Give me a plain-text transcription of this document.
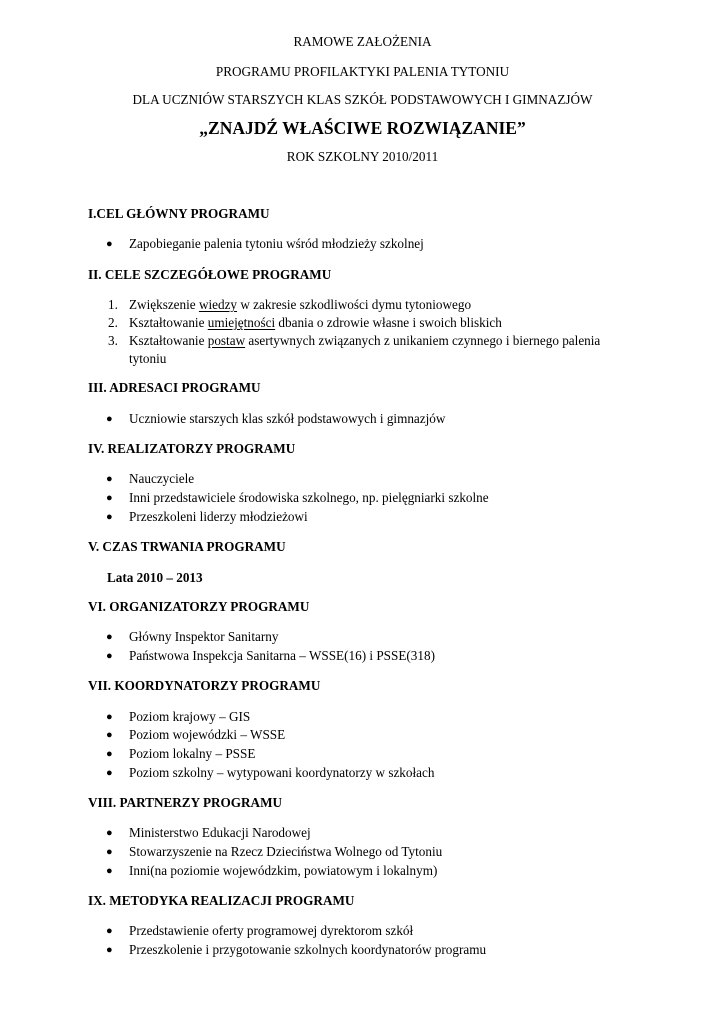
RAMOWE ZAŁOŻENIA
PROGRAMU PROFILAKTYKI PALENIA TYTONIU
DLA UCZNIÓW STARSZYCH KLAS SZKÓŁ PODSTAWOWYCH I GIMNAZJÓW
„ZNAJDŹ WŁAŚCIWE ROZWIĄZANIE”
ROK SZKOLNY 2010/2011
I.CEL GŁÓWNY PROGRAMU
● Zapobieganie palenia tytoniu wśród młodzieży szkolnej
II. CELE SZCZEGÓŁOWE PROGRAMU
1. Zwiększenie wiedzy w zakresie szkodliwości dymu tytoniowego
2. Kształtowanie umiejętności dbania o zdrowie własne i swoich bliskich
3. Kształtowanie postaw asertywnych związanych z unikaniem czynnego i biernego palenia
tytoniu
III. ADRESACI PROGRAMU
● Uczniowie starszych klas szkół podstawowych i gimnazjów
IV. REALIZATORZY PROGRAMU
● Nauczyciele
● Inni przedstawiciele środowiska szkolnego, np. pielęgniarki szkolne
● Przeszkoleni liderzy młodzieżowi
V. CZAS TRWANIA PROGRAMU
Lata 2010 – 2013
VI. ORGANIZATORZY PROGRAMU
● Główny Inspektor Sanitarny
● Państwowa Inspekcja Sanitarna – WSSE(16) i PSSE(318)
VII. KOORDYNATORZY PROGRAMU
● Poziom krajowy – GIS
● Poziom wojewódzki – WSSE
● Poziom lokalny – PSSE
● Poziom szkolny – wytypowani koordynatorzy w szkołach
VIII. PARTNERZY PROGRAMU
● Ministerstwo Edukacji Narodowej
● Stowarzyszenie na Rzecz Dzieciństwa Wolnego od Tytoniu
● Inni(na poziomie wojewódzkim, powiatowym i lokalnym)
IX. METODYKA REALIZACJI PROGRAMU
● Przedstawienie oferty programowej dyrektorom szkół
● Przeszkolenie i przygotowanie szkolnych koordynatorów programu
